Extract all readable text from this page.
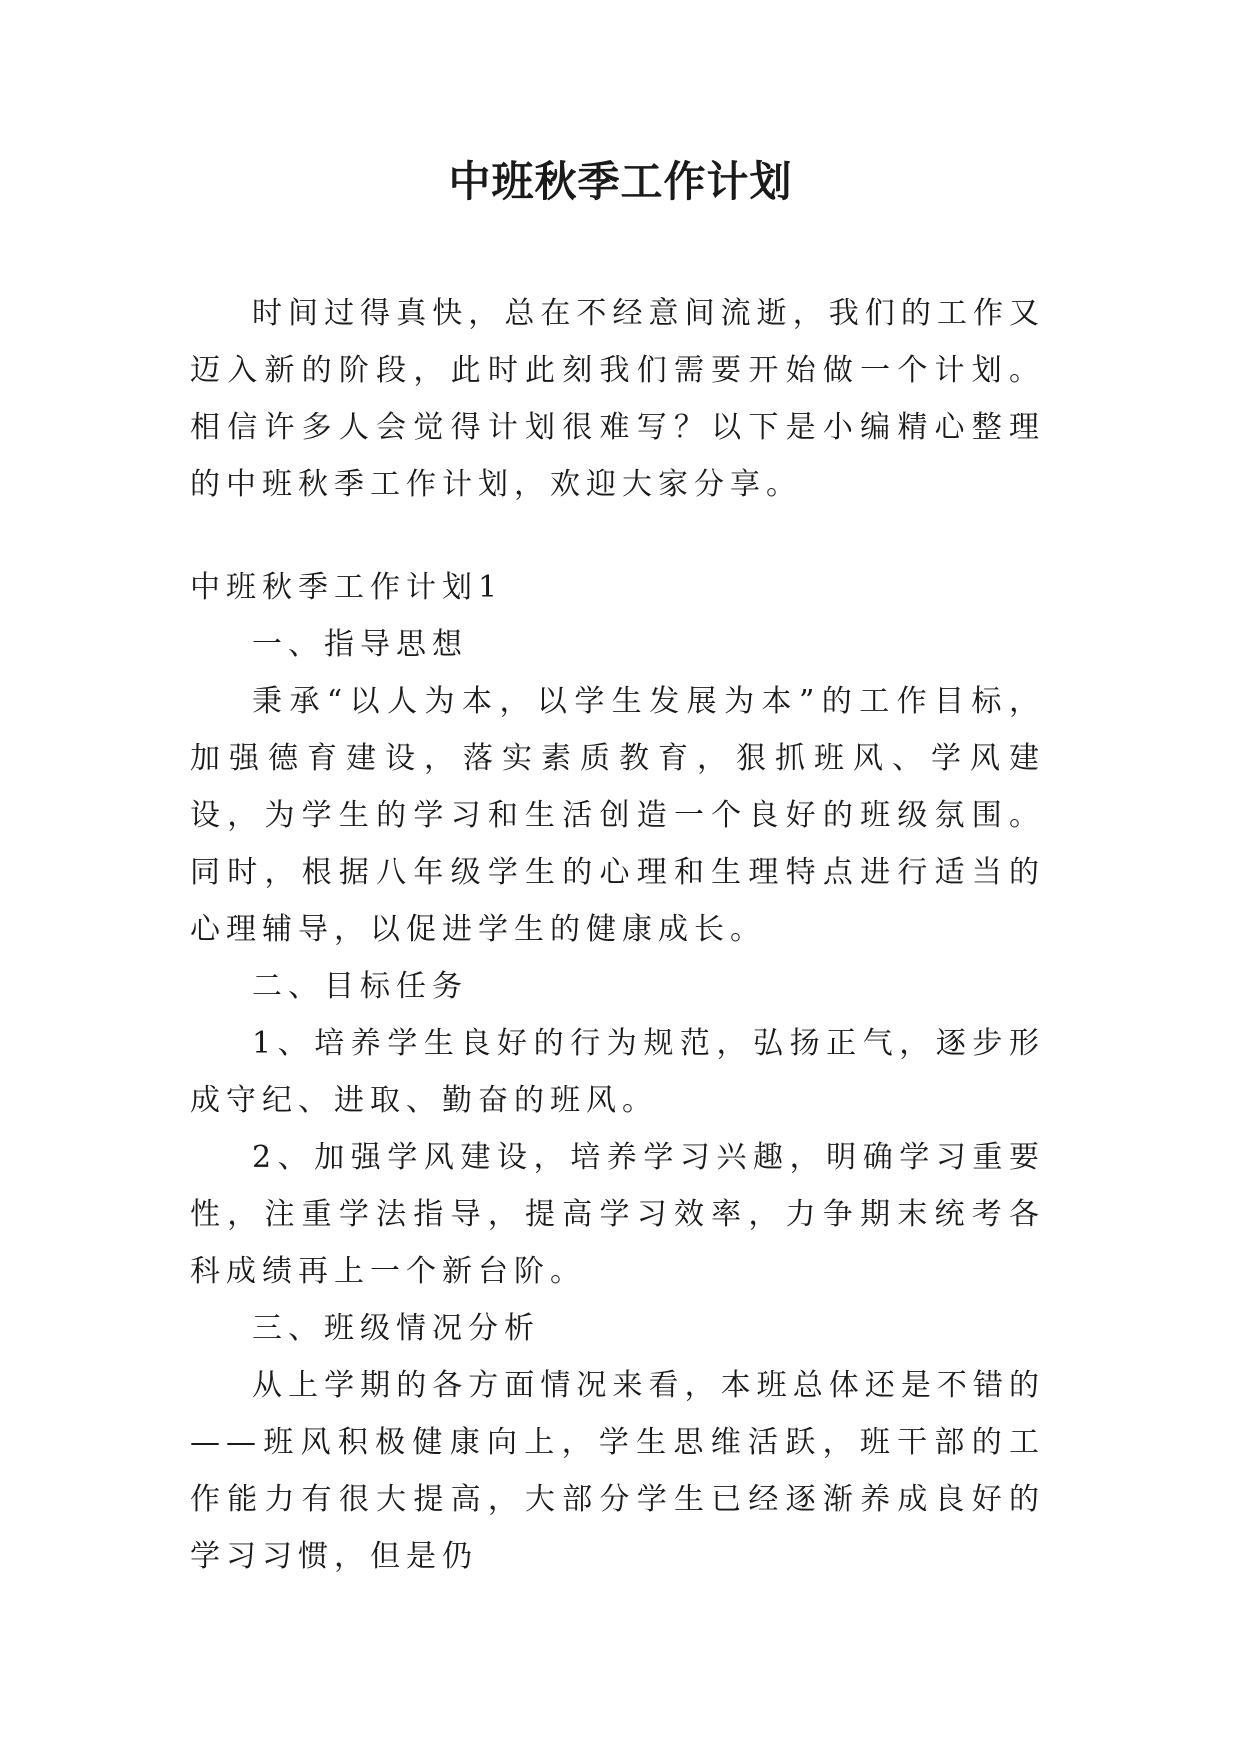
中班秋季工作计划

时间过得真快，总在不经意间流逝，我们的工作又迈入新的阶段，此时此刻我们需要开始做一个计划。相信许多人会觉得计划很难写？以下是小编精心整理的中班秋季工作计划，欢迎大家分享。

中班秋季工作计划1

一、指导思想

秉承“以人为本，以学生发展为本”的工作目标，加强德育建设，落实素质教育，狠抓班风、学风建设，为学生的学习和生活创造一个良好的班级氛围。同时，根据八年级学生的心理和生理特点进行适当的心理辅导，以促进学生的健康成长。

二、目标任务

1、培养学生良好的行为规范，弘扬正气，逐步形成守纪、进取、勤奋的班风。

2、加强学风建设，培养学习兴趣，明确学习重要性，注重学法指导，提高学习效率，力争期末统考各科成绩再上一个新台阶。

三、班级情况分析

从上学期的各方面情况来看，本班总体还是不错的——班风积极健康向上，学生思维活跃，班干部的工作能力有很大提高，大部分学生已经逐渐养成良好的学习习惯，但是仍
